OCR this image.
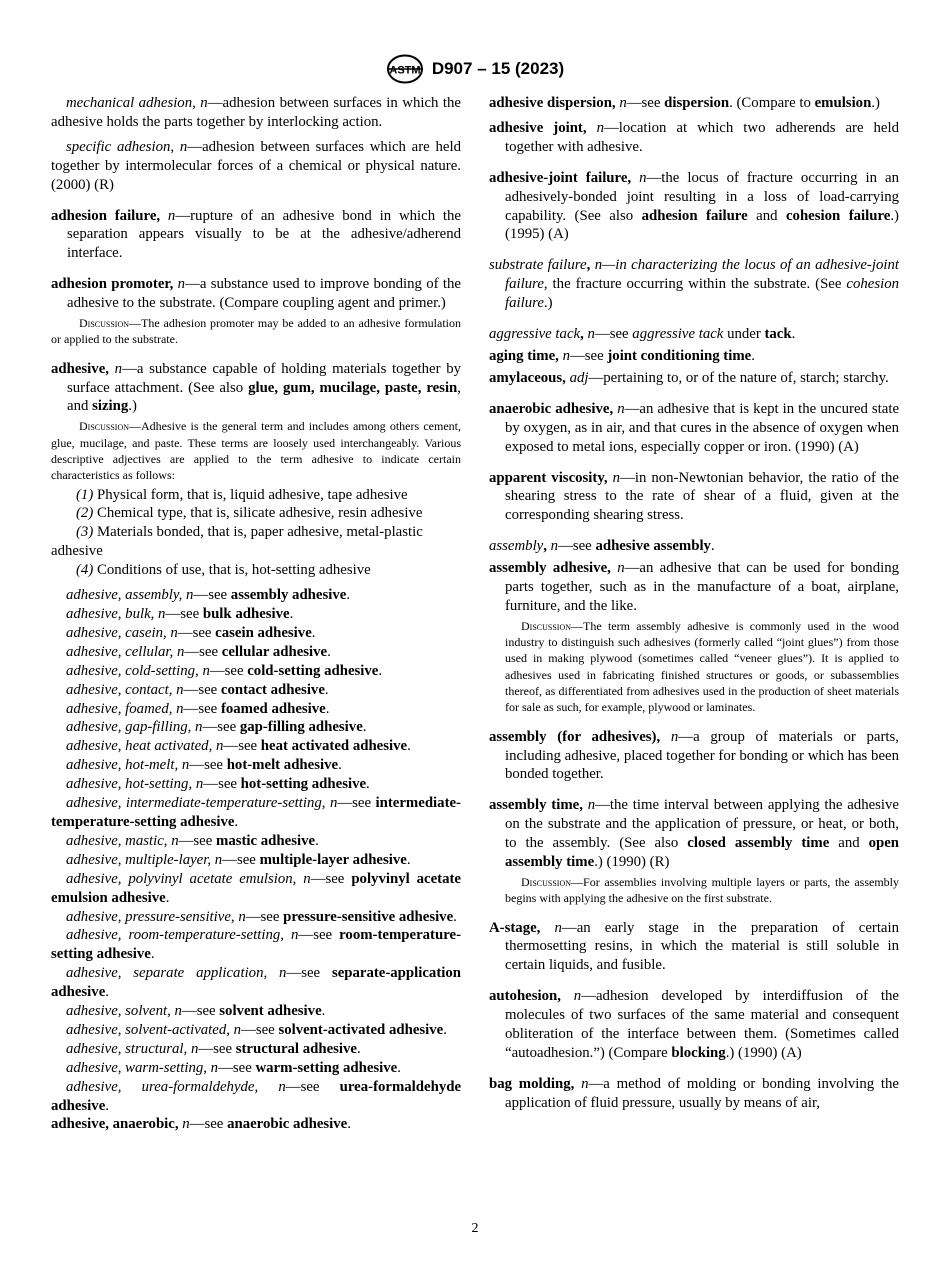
ASTM D907 – 15 (2023)

mechanical adhesion, n—adhesion between surfaces in which the adhesive holds the parts together by interlocking action.

specific adhesion, n—adhesion between surfaces which are held together by intermolecular forces of a chemical or physical nature. (2000) (R)

adhesion failure, n—rupture of an adhesive bond in which the separation appears visually to be at the adhesive/adherend interface.

adhesion promoter, n—a substance used to improve bonding of the adhesive to the substrate. (Compare coupling agent and primer.)

Discussion—The adhesion promoter may be added to an adhesive formulation or applied to the substrate.

adhesive, n—a substance capable of holding materials together by surface attachment. (See also glue, gum, mucilage, paste, resin, and sizing.)

Discussion—Adhesive is the general term and includes among others cement, glue, mucilage, and paste. These terms are loosely used interchangeably. Various descriptive adjectives are applied to the term adhesive to indicate certain characteristics as follows:

(1) Physical form, that is, liquid adhesive, tape adhesive

(2) Chemical type, that is, silicate adhesive, resin adhesive

(3) Materials bonded, that is, paper adhesive, metal-plastic adhesive

(4) Conditions of use, that is, hot-setting adhesive

adhesive, assembly, n—see assembly adhesive.

adhesive, bulk, n—see bulk adhesive.

adhesive, casein, n—see casein adhesive.

adhesive, cellular, n—see cellular adhesive.

adhesive, cold-setting, n—see cold-setting adhesive.

adhesive, contact, n—see contact adhesive.

adhesive, foamed, n—see foamed adhesive.

adhesive, gap-filling, n—see gap-filling adhesive.

adhesive, heat activated, n—see heat activated adhesive.

adhesive, hot-melt, n—see hot-melt adhesive.

adhesive, hot-setting, n—see hot-setting adhesive.

adhesive, intermediate-temperature-setting, n—see intermediate-temperature-setting adhesive.

adhesive, mastic, n—see mastic adhesive.

adhesive, multiple-layer, n—see multiple-layer adhesive.

adhesive, polyvinyl acetate emulsion, n—see polyvinyl acetate emulsion adhesive.

adhesive, pressure-sensitive, n—see pressure-sensitive adhesive.

adhesive, room-temperature-setting, n—see room-temperature-setting adhesive.

adhesive, separate application, n—see separate-application adhesive.

adhesive, solvent, n—see solvent adhesive.

adhesive, solvent-activated, n—see solvent-activated adhesive.

adhesive, structural, n—see structural adhesive.

adhesive, warm-setting, n—see warm-setting adhesive.

adhesive, urea-formaldehyde, n—see urea-formaldehyde adhesive.

adhesive, anaerobic, n—see anaerobic adhesive.

adhesive dispersion, n—see dispersion. (Compare to emulsion.)

adhesive joint, n—location at which two adherends are held together with adhesive.

adhesive-joint failure, n—the locus of fracture occurring in an adhesively-bonded joint resulting in a loss of load-carrying capability. (See also adhesion failure and cohesion failure.) (1995) (A)

substrate failure, n—in characterizing the locus of an adhesive-joint failure, the fracture occurring within the substrate. (See cohesion failure.)

aggressive tack, n—see aggressive tack under tack.

aging time, n—see joint conditioning time.

amylaceous, adj—pertaining to, or of the nature of, starch; starchy.

anaerobic adhesive, n—an adhesive that is kept in the uncured state by oxygen, as in air, and that cures in the absence of oxygen when exposed to metal ions, especially copper or iron. (1990) (A)

apparent viscosity, n—in non-Newtonian behavior, the ratio of the shearing stress to the rate of shear of a fluid, given at the corresponding shearing stress.

assembly, n—see adhesive assembly.

assembly adhesive, n—an adhesive that can be used for bonding parts together, such as in the manufacture of a boat, airplane, furniture, and the like.

Discussion—The term assembly adhesive is commonly used in the wood industry to distinguish such adhesives (formerly called “joint glues”) from those used in making plywood (sometimes called “veneer glues”). It is applied to adhesives used in fabricating finished structures or goods, or subassemblies thereof, as differentiated from adhesives used in the production of sheet materials for sale as such, for example, plywood or laminates.

assembly (for adhesives), n—a group of materials or parts, including adhesive, placed together for bonding or which has been bonded together.

assembly time, n—the time interval between applying the adhesive on the substrate and the application of pressure, or heat, or both, to the assembly. (See also closed assembly time and open assembly time.) (1990) (R)

Discussion—For assemblies involving multiple layers or parts, the assembly begins with applying the adhesive on the first substrate.

A-stage, n—an early stage in the preparation of certain thermosetting resins, in which the material is still soluble in certain liquids, and fusible.

autohesion, n—adhesion developed by interdiffusion of the molecules of two surfaces of the same material and consequent obliteration of the interface between them. (Sometimes called “autoadhesion.”) (Compare blocking.) (1990) (A)

bag molding, n—a method of molding or bonding involving the application of fluid pressure, usually by means of air,

2
